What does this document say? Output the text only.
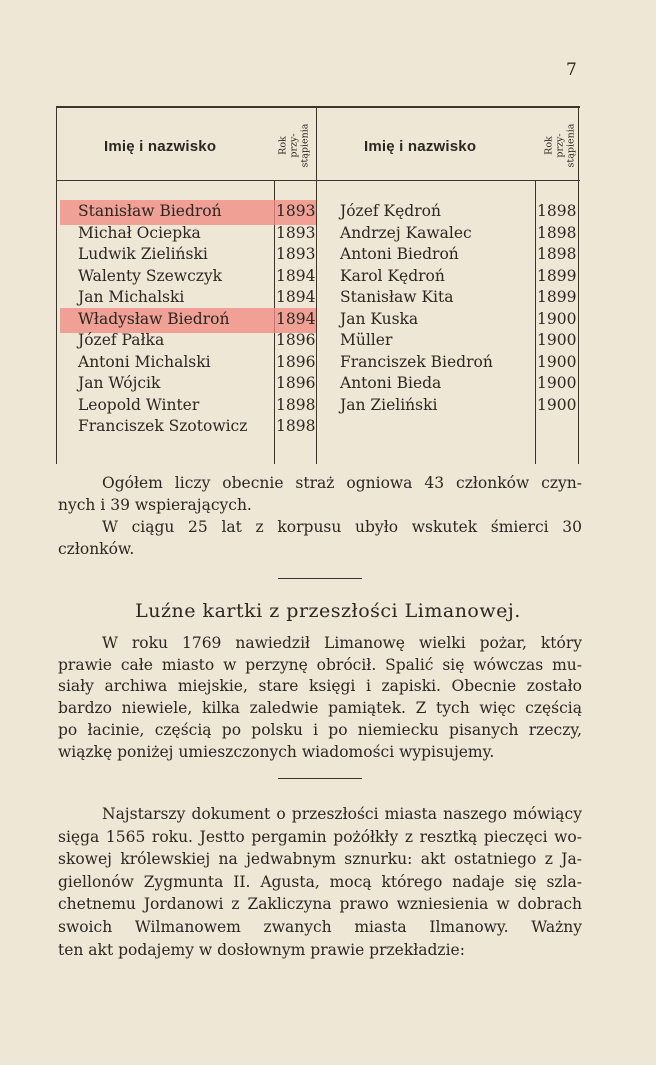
7
Imię i nazwisko	Rok przy-stąpienia	Imię i nazwisko	Rok przy-stąpienia
Stanisław Biedroń	1893 Józef Kędroń	1898
Michał Ociepka	1893 Andrzej Kawalec	1898
Ludwik Zieliński	1893 Antoni Biedroń	1898
Walenty Szewczyk	1894 Karol Kędroń	1899
Jan Michalski	1894 Stanisław Kita	1899
Władysław Biedroń	1894 Jan Kuska	1900
Józef Pałka	1896 Müller	1900
Antoni Michalski	1896 Franciszek Biedroń	1900
Jan Wójcik	1896 Antoni Bieda	1900
Leopold Winter	1898 Jan Zieliński	1900
Franciszek Szotowicz 1898
Ogółem liczy obecnie straż ogniowa 43 członków czyn-
nych i 39 wspierających.
W ciągu 25 lat z korpusu ubyło wskutek śmierci 30
członków.
Luźne kartki z przeszłości Limanowej.
W roku 1769 nawiedził Limanowę wielki pożar, który
prawie całe miasto w perzynę obrócił. Spalić się wówczas mu-
siały archiwa miejskie, stare księgi i zapiski. Obecnie zostało
bardzo niewiele, kilka zaledwie pamiątek. Z tych więc częścią
po łacinie, częścią po polsku i po niemiecku pisanych rzeczy,
wiązkę poniżej umieszczonych wiadomości wypisujemy.
Najstarszy dokument o przeszłości miasta naszego mówiący
sięga 1565 roku. Jestto pergamin pożółkły z resztką pieczęci wo-
skowej królewskiej na jedwabnym sznurku: akt ostatniego z Ja-
giellonów Zygmunta II. Agusta, mocą którego nadaje się szla-
chetnemu Jordanowi z Zakliczyna prawo wzniesienia w dobrach
swoich Wilmanowem zwanych miasta Ilmanowy. Ważny
ten akt podajemy w dosłownym prawie przekładzie:
